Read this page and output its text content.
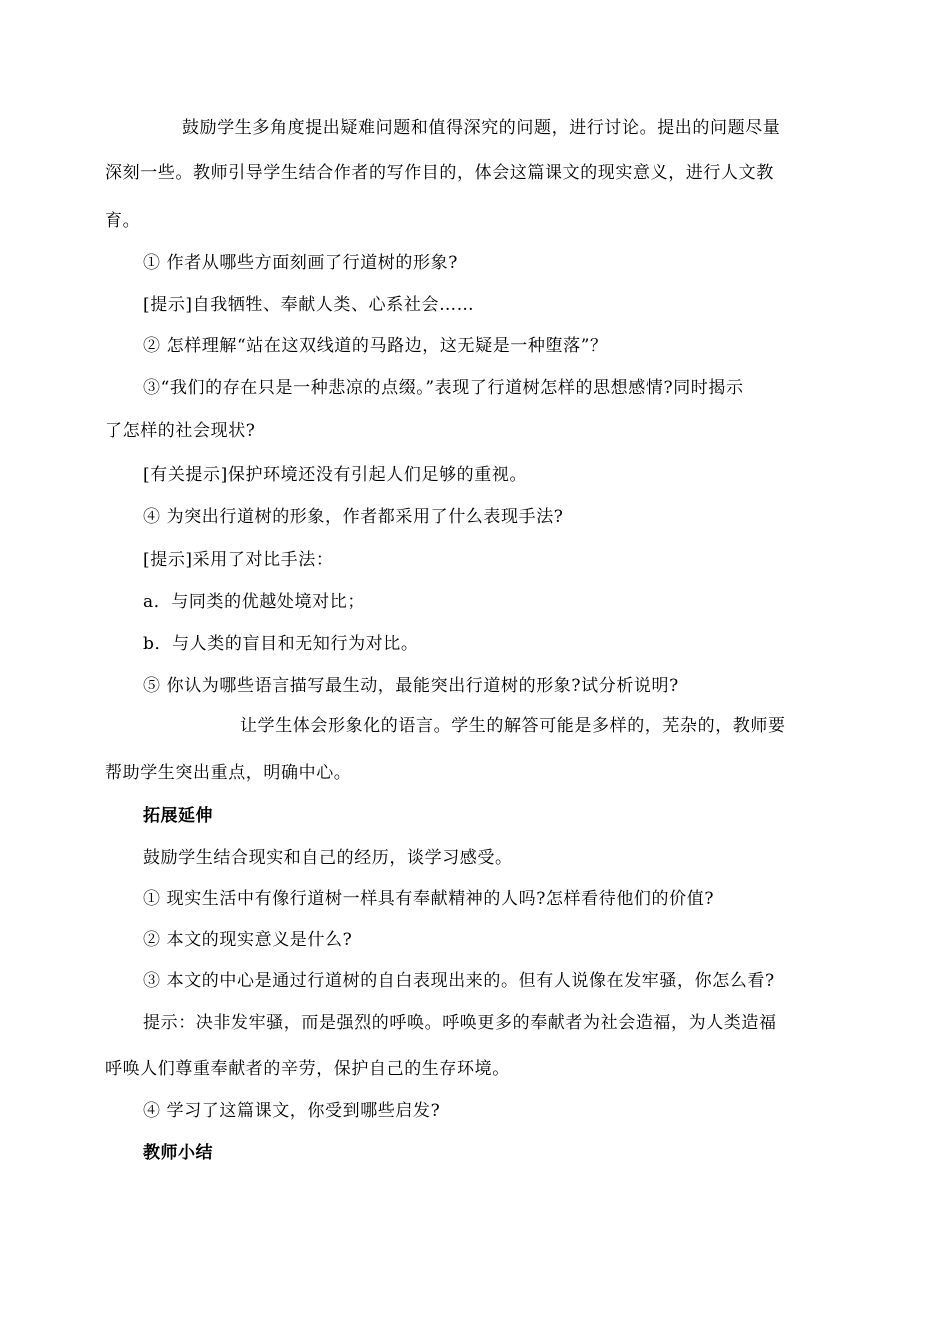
鼓励学生多角度提出疑难问题和值得深究的问题，进行讨论。提出的问题尽量
深刻一些。教师引导学生结合作者的写作目的，体会这篇课文的现实意义，进行人文教
育。
① 作者从哪些方面刻画了行道树的形象?
[提示]自我牺牲、奉献人类、心系社会……
② 怎样理解“站在这双线道的马路边，这无疑是一种堕落”？
③“我们的存在只是一种悲凉的点缀。”表现了行道树怎样的思想感情?同时揭示
了怎样的社会现状?
[有关提示]保护环境还没有引起人们足够的重视。
④ 为突出行道树的形象，作者都采用了什么表现手法?
[提示]采用了对比手法：
a．与同类的优越处境对比；
b．与人类的盲目和无知行为对比。
⑤ 你认为哪些语言描写最生动，最能突出行道树的形象?试分析说明?
让学生体会形象化的语言。学生的解答可能是多样的，芜杂的，教师要
帮助学生突出重点，明确中心。
拓展延伸
鼓励学生结合现实和自己的经历，谈学习感受。
① 现实生活中有像行道树一样具有奉献精神的人吗?怎样看待他们的价值?
② 本文的现实意义是什么?
③ 本文的中心是通过行道树的自白表现出来的。但有人说像在发牢骚，你怎么看?
提示：决非发牢骚，而是强烈的呼唤。呼唤更多的奉献者为社会造福，为人类造福
呼唤人们尊重奉献者的辛劳，保护自己的生存环境。
④ 学习了这篇课文，你受到哪些启发?
教师小结
